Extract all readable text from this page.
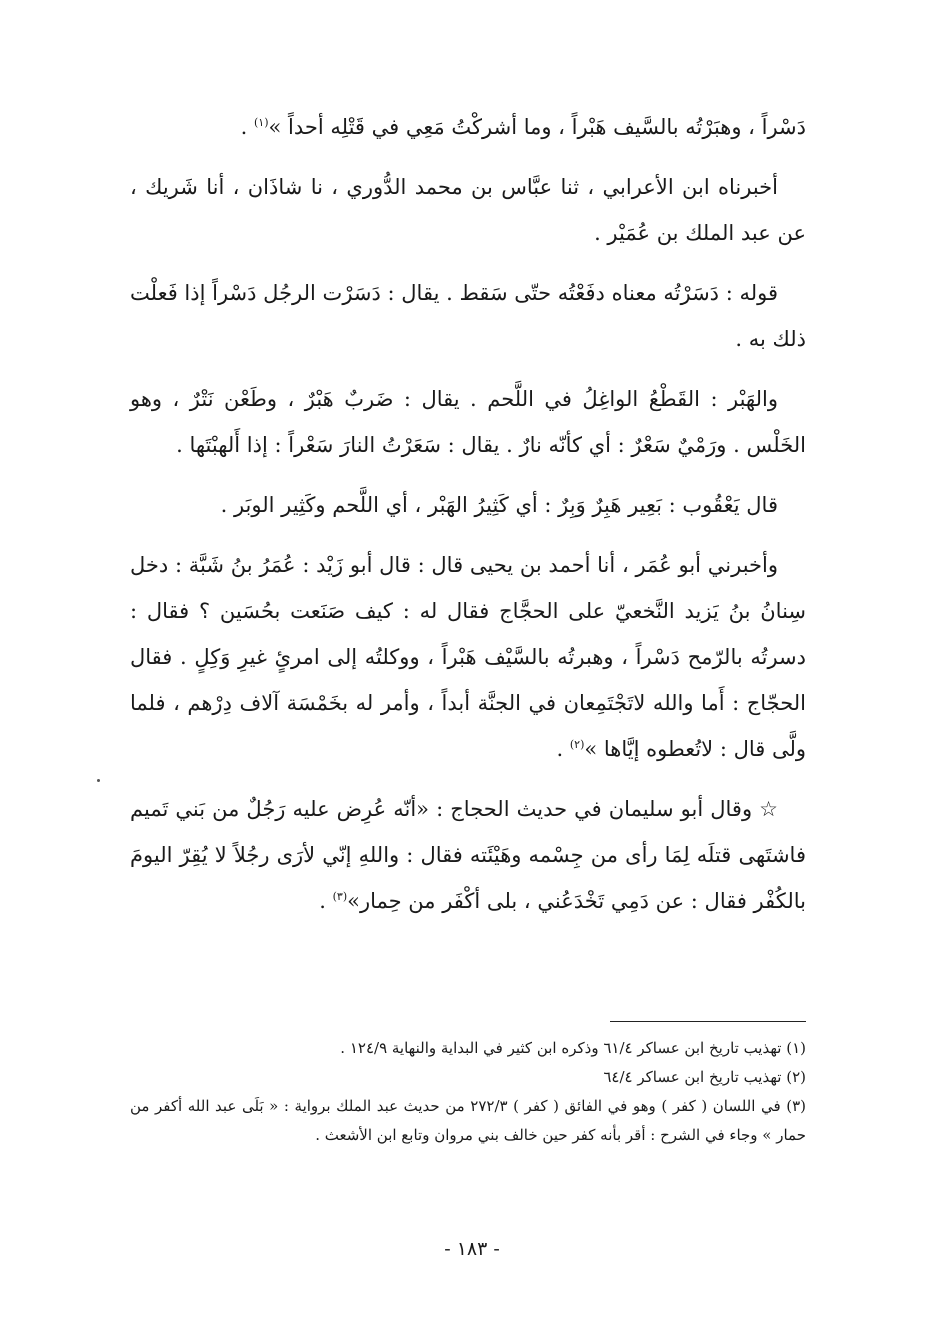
دَسْراً ، وهبَرْتُه بالسَّيف هَبْراً ، وما أشركْتُ مَعِي في قَتْلِه أحداً »$^{(١)}$ .

أخبرناه ابن الأعرابي ، ثنا عبَّاس بن محمد الدُّوري ، نا شاذَان ، أنا شَريك ، عن عبد الملك بن عُمَيْر .

قوله : دَسَرْتُه معناه دفَعْتُه حتّى سَقط . يقال : دَسَرْت الرجُل دَسْراً إذا فَعلْت ذلك به .

والهَبْر : القَطْعُ الواغِلُ في اللَّحم . يقال : ضَربٌ هَبْرٌ ، وطَعْن نَتْرٌ ، وهو الخَلْس . ورَمْيٌ سَعْرٌ : أي كأنّه نارٌ . يقال : سَعَرْتُ النارَ سَعْراً : إذا أَلهبْتَها .

قال يَعْقُوب : بَعِير هَبِرٌ وَبِرٌ : أي كَثِيرُ الهَبْر ، أي اللَّحم وكَثِير الوبَر .

وأخبرني أبو عُمَر ، أنا أحمد بن يحيى قال : قال أبو زَيْد : عُمَرُ بنُ شَبَّة : دخل سِنانُ بنُ يَزيد النَّخعيّ على الحجَّاج فقال له : كيف صَنَعت بحُسَين ؟ فقال : دسرتُه بالرّمح دَسْراً ، وهبرتُه بالسَّيْف هَبْراً ، ووكلتُه إلى امرئٍ غيرِ وَكِلٍ . فقال الحجّاج : أَما والله لاتَجْتَمِعان في الجنَّة أبداً ، وأمر له بخَمْسَة آلاف دِرْهم ، فلما ولَّى قال : لاتُعطوه إيَّاها »$^{(٢)}$ .

☆ وقال أبو سليمان في حديث الحجاج : «أنّه عُرِض عليه رَجُلٌ من بَني تَميم فاشتَهى قتلَه لِمَا رأى من جِسْمه وهَيْئَته فقال : واللهِ إنّي لأرَى رجُلاً لا يُقِرّ اليومَ بالكُفْر فقال : عن دَمِي تَخْدَعُني ، بلى أكْفَر من حِمار»$^{(٣)}$ .

(١) تهذيب تاريخ ابن عساكر ٦١/٤ وذكره ابن كثير في البداية والنهاية ١٢٤/٩ .

(٢) تهذيب تاريخ ابن عساكر ٦٤/٤

(٣) في اللسان ( كفر ) وهو في الفائق ( كفر ) ٢٧٢/٣ من حديث عبد الملك برواية : « بَلَى عبد الله أكفر من حمار » وجاء في الشرح : أقر بأنه كفر حين خالف بني مروان وتابع ابن الأشعث .

- ١٨٣ -
